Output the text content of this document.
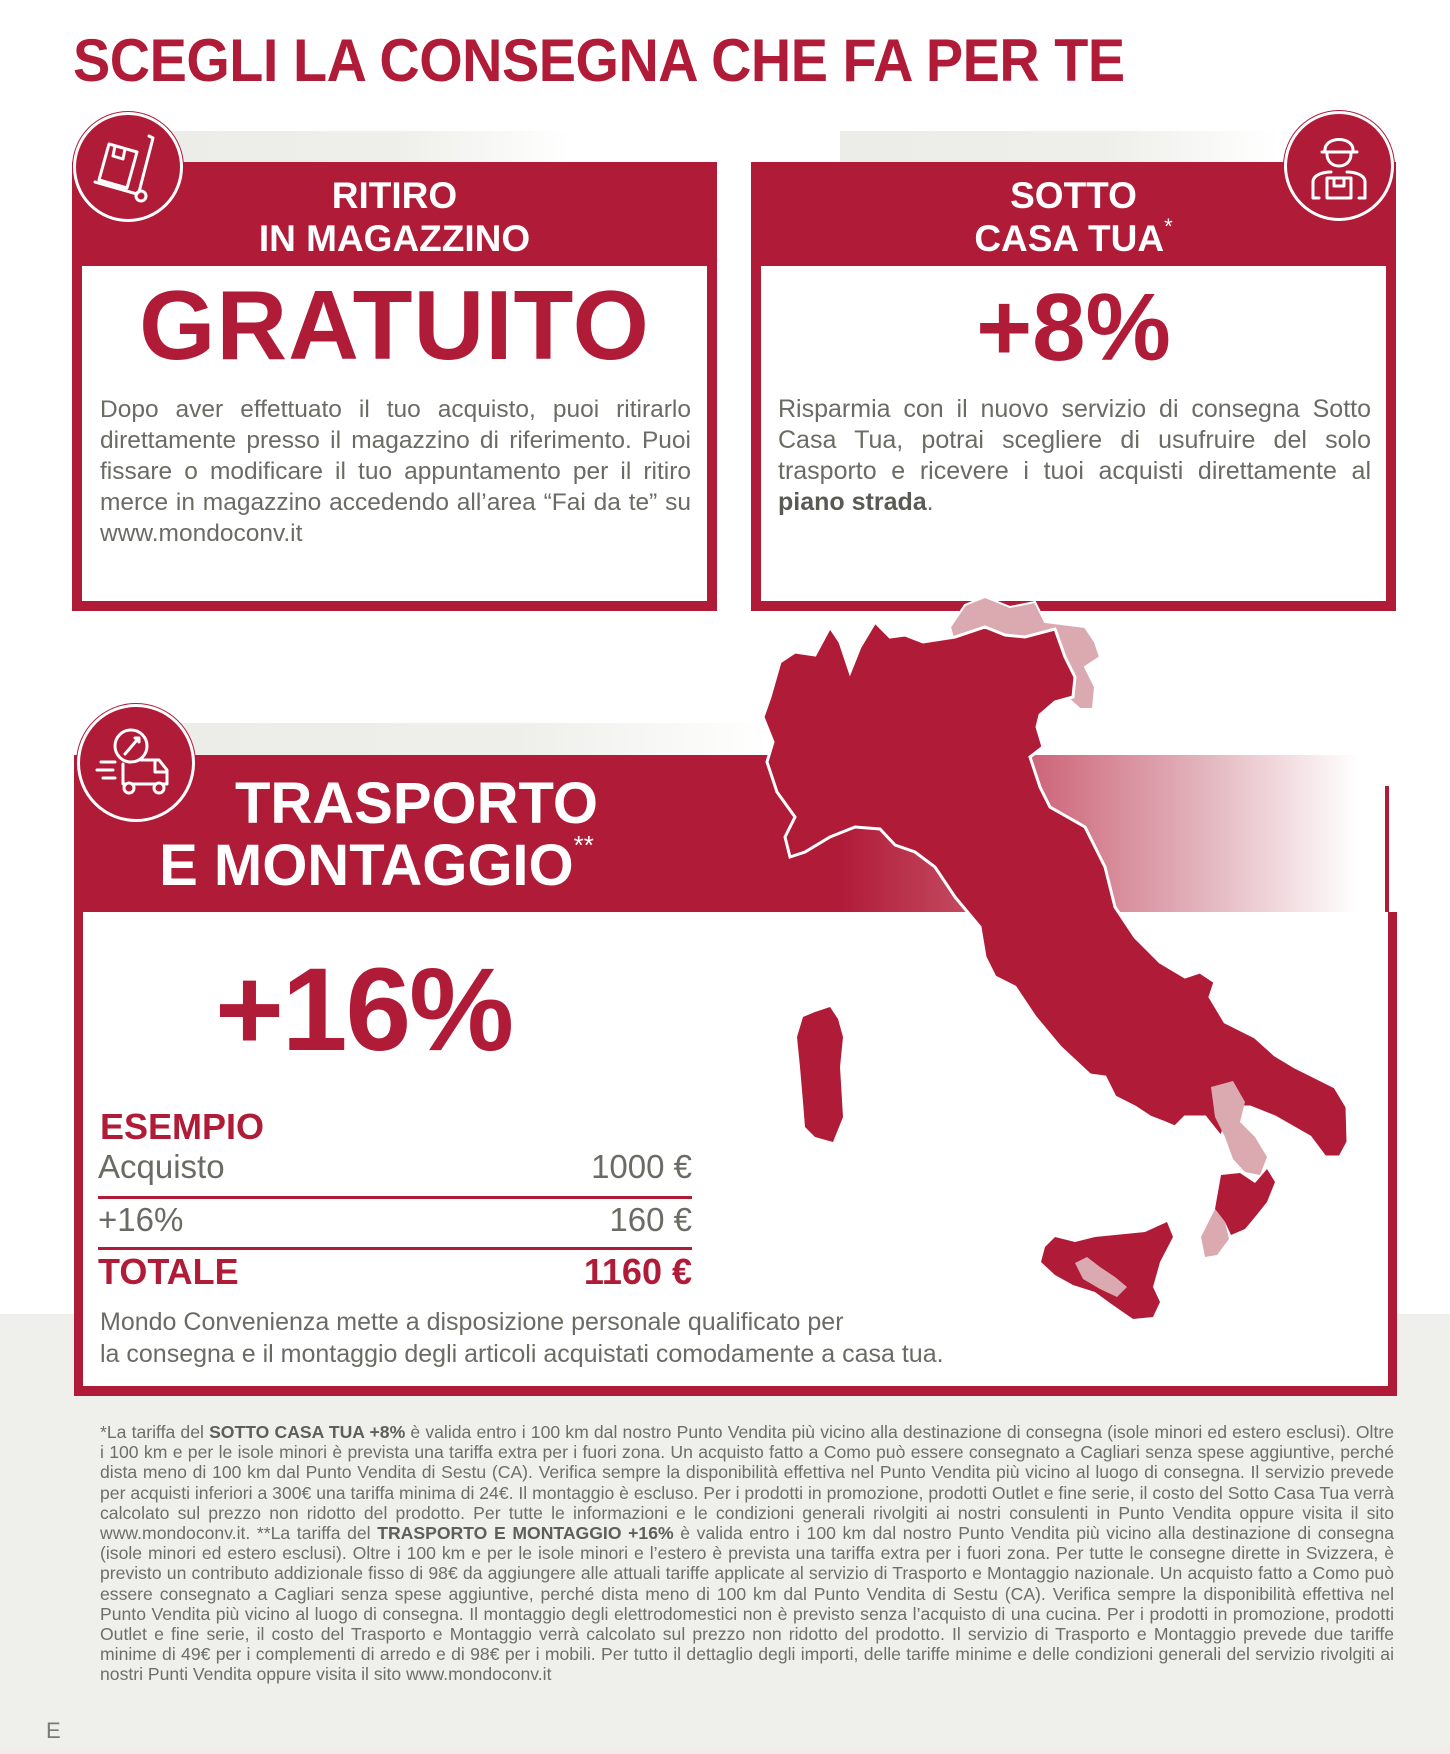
SCEGLI LA CONSEGNA CHE FA PER TE
RITIRO
IN MAGAZZINO
GRATUITO

Dopo aver effettuato il tuo acquisto, puoi ritirarlo direttamente presso il magazzino di riferimento. Puoi fissare o modificare il tuo appuntamento per il ritiro merce in magazzino accedendo all’area “Fai da te” su www.mondoconv.it

SOTTO
CASA TUA*
+8%

Risparmia con il nuovo servizio di consegna Sotto Casa Tua, potrai scegliere di usufruire del solo trasporto e ricevere i tuoi acquisti direttamente al piano strada.

TRASPORTO
E MONTAGGIO**
+16%
ESEMPIO
Acquisto	1000 €
+16%	160 €
TOTALE	1160 €
Mondo Convenienza mette a disposizione personale qualificato per
la consegna e il montaggio degli articoli acquistati comodamente a casa tua.
*La tariffa del SOTTO CASA TUA +8% è valida entro i 100 km dal nostro Punto Vendita più vicino alla destinazione di consegna (isole minori ed estero esclusi). Oltre i 100 km e per le isole minori è prevista una tariffa extra per i fuori zona. Un acquisto fatto a Como può essere consegnato a Cagliari senza spese aggiuntive, perché dista meno di 100 km dal Punto Vendita di Sestu (CA). Verifica sempre la disponibilità effettiva nel Punto Vendita più vicino al luogo di consegna. Il servizio prevede per acquisti inferiori a 300€ una tariffa minima di 24€. Il montaggio è escluso. Per i prodotti in promozione, prodotti Outlet e fine serie, il costo del Sotto Casa Tua verrà calcolato sul prezzo non ridotto del prodotto. Per tutte le informazioni e le condizioni generali rivolgiti ai nostri consulenti in Punto Vendita oppure visita il sito www.mondoconv.it. **La tariffa del TRASPORTO E MONTAGGIO +16% è valida entro i 100 km dal nostro Punto Vendita più vicino alla destinazione di consegna (isole minori ed estero esclusi). Oltre i 100 km e per le isole minori e l’estero è prevista una tariffa extra per i fuori zona. Per tutte le consegne dirette in Svizzera, è previsto un contributo addizionale fisso di 98€ da aggiungere alle attuali tariffe applicate al servizio di Trasporto e Montaggio nazionale. Un acquisto fatto a Como può essere consegnato a Cagliari senza spese aggiuntive, perché dista meno di 100 km dal Punto Vendita di Sestu (CA). Verifica sempre la disponibilità effettiva nel Punto Vendita più vicino al luogo di consegna. Il montaggio degli elettrodomestici non è previsto senza l’acquisto di una cucina. Per i prodotti in promozione, prodotti Outlet e fine serie, il costo del Trasporto e Montaggio verrà calcolato sul prezzo non ridotto del prodotto. Il servizio di Trasporto e Montaggio prevede due tariffe minime di 49€ per i complementi di arredo e di 98€ per i mobili. Per tutto il dettaglio degli importi, delle tariffe minime e delle condizioni generali del servizio rivolgiti ai nostri Punti Vendita oppure visita il sito www.mondoconv.it
E
